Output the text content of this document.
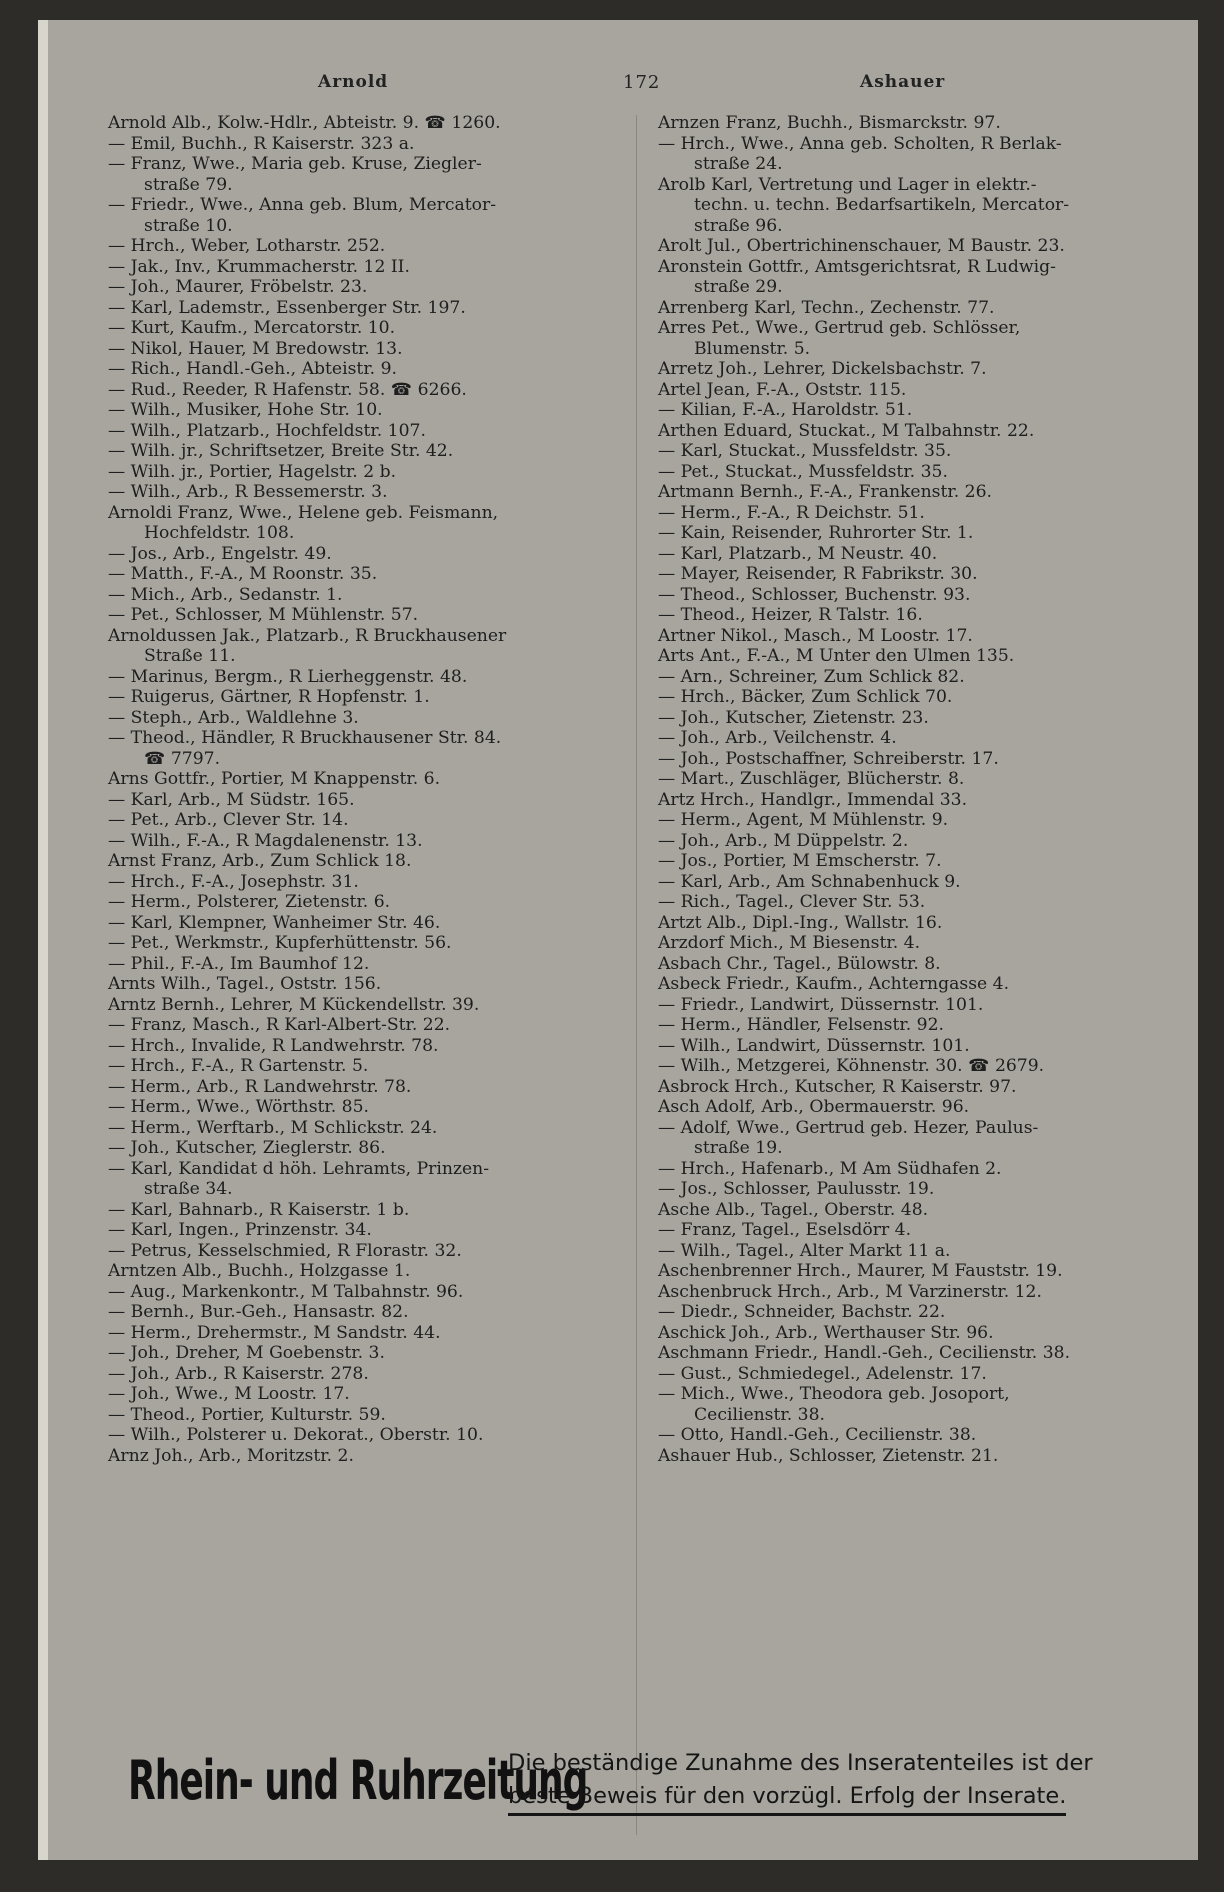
Arnold	172	Ashauer
Arnold Alb., Kolw.-Hdlr., Abteistr. 9. ☎ 1260.
— Emil, Buchh., R Kaiserstr. 323 a.
— Franz, Wwe., Maria geb. Kruse, Ziegler-
straße 79.
— Friedr., Wwe., Anna geb. Blum, Mercator-
straße 10.
— Hrch., Weber, Lotharstr. 252.
— Jak., Inv., Krummacherstr. 12 II.
— Joh., Maurer, Fröbelstr. 23.
— Karl, Lademstr., Essenberger Str. 197.
— Kurt, Kaufm., Mercatorstr. 10.
— Nikol, Hauer, M Bredowstr. 13.
— Rich., Handl.-Geh., Abteistr. 9.
— Rud., Reeder, R Hafenstr. 58. ☎ 6266.
— Wilh., Musiker, Hohe Str. 10.
— Wilh., Platzarb., Hochfeldstr. 107.
— Wilh. jr., Schriftsetzer, Breite Str. 42.
— Wilh. jr., Portier, Hagelstr. 2 b.
— Wilh., Arb., R Bessemerstr. 3.
Arnoldi Franz, Wwe., Helene geb. Feismann,
Hochfeldstr. 108.
— Jos., Arb., Engelstr. 49.
— Matth., F.-A., M Roonstr. 35.
— Mich., Arb., Sedanstr. 1.
— Pet., Schlosser, M Mühlenstr. 57.
Arnoldussen Jak., Platzarb., R Bruckhausener
Straße 11.
— Marinus, Bergm., R Lierheggenstr. 48.
— Ruigerus, Gärtner, R Hopfenstr. 1.
— Steph., Arb., Waldlehne 3.
— Theod., Händler, R Bruckhausener Str. 84.
☎ 7797.
Arns Gottfr., Portier, M Knappenstr. 6.
— Karl, Arb., M Südstr. 165.
— Pet., Arb., Clever Str. 14.
— Wilh., F.-A., R Magdalenenstr. 13.
Arnst Franz, Arb., Zum Schlick 18.
— Hrch., F.-A., Josephstr. 31.
— Herm., Polsterer, Zietenstr. 6.
— Karl, Klempner, Wanheimer Str. 46.
— Pet., Werkmstr., Kupferhüttenstr. 56.
— Phil., F.-A., Im Baumhof 12.
Arnts Wilh., Tagel., Oststr. 156.
Arntz Bernh., Lehrer, M Kückendellstr. 39.
— Franz, Masch., R Karl-Albert-Str. 22.
— Hrch., Invalide, R Landwehrstr. 78.
— Hrch., F.-A., R Gartenstr. 5.
— Herm., Arb., R Landwehrstr. 78.
— Herm., Wwe., Wörthstr. 85.
— Herm., Werftarb., M Schlickstr. 24.
— Joh., Kutscher, Zieglerstr. 86.
— Karl, Kandidat d höh. Lehramts, Prinzen-
straße 34.
— Karl, Bahnarb., R Kaiserstr. 1 b.
— Karl, Ingen., Prinzenstr. 34.
— Petrus, Kesselschmied, R Florastr. 32.
Arntzen Alb., Buchh., Holzgasse 1.
— Aug., Markenkontr., M Talbahnstr. 96.
— Bernh., Bur.-Geh., Hansastr. 82.
— Herm., Drehermstr., M Sandstr. 44.
— Joh., Dreher, M Goebenstr. 3.
— Joh., Arb., R Kaiserstr. 278.
— Joh., Wwe., M Loostr. 17.
— Theod., Portier, Kulturstr. 59.
— Wilh., Polsterer u. Dekorat., Oberstr. 10.
Arnz Joh., Arb., Moritzstr. 2.
Arnzen Franz, Buchh., Bismarckstr. 97.
— Hrch., Wwe., Anna geb. Scholten, R Berlak-
straße 24.
Arolb Karl, Vertretung und Lager in elektr.-
techn. u. techn. Bedarfsartikeln, Mercator-
straße 96.
Arolt Jul., Obertrichinenschauer, M Baustr. 23.
Aronstein Gottfr., Amtsgerichtsrat, R Ludwig-
straße 29.
Arrenberg Karl, Techn., Zechenstr. 77.
Arres Pet., Wwe., Gertrud geb. Schlösser,
Blumenstr. 5.
Arretz Joh., Lehrer, Dickelsbachstr. 7.
Artel Jean, F.-A., Oststr. 115.
— Kilian, F.-A., Haroldstr. 51.
Arthen Eduard, Stuckat., M Talbahnstr. 22.
— Karl, Stuckat., Mussfeldstr. 35.
— Pet., Stuckat., Mussfeldstr. 35.
Artmann Bernh., F.-A., Frankenstr. 26.
— Herm., F.-A., R Deichstr. 51.
— Kain, Reisender, Ruhrorter Str. 1.
— Karl, Platzarb., M Neustr. 40.
— Mayer, Reisender, R Fabrikstr. 30.
— Theod., Schlosser, Buchenstr. 93.
— Theod., Heizer, R Talstr. 16.
Artner Nikol., Masch., M Loostr. 17.
Arts Ant., F.-A., M Unter den Ulmen 135.
— Arn., Schreiner, Zum Schlick 82.
— Hrch., Bäcker, Zum Schlick 70.
— Joh., Kutscher, Zietenstr. 23.
— Joh., Arb., Veilchenstr. 4.
— Joh., Postschaffner, Schreiberstr. 17.
— Mart., Zuschläger, Blücherstr. 8.
Artz Hrch., Handlgr., Immendal 33.
— Herm., Agent, M Mühlenstr. 9.
— Joh., Arb., M Düppelstr. 2.
— Jos., Portier, M Emscherstr. 7.
— Karl, Arb., Am Schnabenhuck 9.
— Rich., Tagel., Clever Str. 53.
Artzt Alb., Dipl.-Ing., Wallstr. 16.
Arzdorf Mich., M Biesenstr. 4.
Asbach Chr., Tagel., Bülowstr. 8.
Asbeck Friedr., Kaufm., Achterngasse 4.
— Friedr., Landwirt, Düssernstr. 101.
— Herm., Händler, Felsenstr. 92.
— Wilh., Landwirt, Düssernstr. 101.
— Wilh., Metzgerei, Köhnenstr. 30. ☎ 2679.
Asbrock Hrch., Kutscher, R Kaiserstr. 97.
Asch Adolf, Arb., Obermauerstr. 96.
— Adolf, Wwe., Gertrud geb. Hezer, Paulus-
straße 19.
— Hrch., Hafenarb., M Am Südhafen 2.
— Jos., Schlosser, Paulusstr. 19.
Asche Alb., Tagel., Oberstr. 48.
— Franz, Tagel., Eselsdörr 4.
— Wilh., Tagel., Alter Markt 11 a.
Aschenbrenner Hrch., Maurer, M Fauststr. 19.
Aschenbruck Hrch., Arb., M Varzinerstr. 12.
— Diedr., Schneider, Bachstr. 22.
Aschick Joh., Arb., Werthauser Str. 96.
Aschmann Friedr., Handl.-Geh., Cecilienstr. 38.
— Gust., Schmiedegel., Adelenstr. 17.
— Mich., Wwe., Theodora geb. Josoport,
Cecilienstr. 38.
— Otto, Handl.-Geh., Cecilienstr. 38.
Ashauer Hub., Schlosser, Zietenstr. 21.
Rhein- und Ruhrzeitung
Die beständige Zunahme des Inseratenteiles ist der
beste Beweis für den vorzügl. Erfolg der Inserate.
